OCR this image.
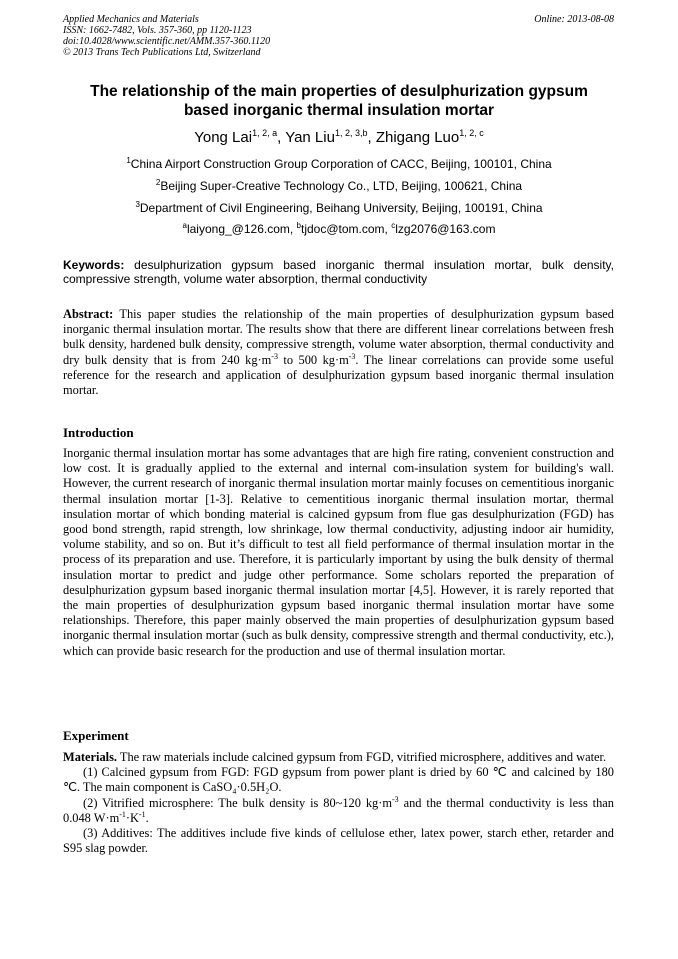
Applied Mechanics and Materials
ISSN: 1662-7482, Vols. 357-360, pp 1120-1123
doi:10.4028/www.scientific.net/AMM.357-360.1120
© 2013 Trans Tech Publications Ltd, Switzerland
Online: 2013-08-08
The relationship of the main properties of desulphurization gypsum
based inorganic thermal insulation mortar
Yong Lai$^{1, 2, a}$, Yan Liu$^{1, 2, 3,b}$, Zhigang Luo$^{1, 2, c}$
$^1$China Airport Construction Group Corporation of CACC, Beijing, 100101, China
$^2$Beijing Super-Creative Technology Co., LTD, Beijing, 100621, China
$^3$Department of Civil Engineering, Beihang University, Beijing, 100191, China
$^a$laiyong_@126.com, $^b$tjdoc@tom.com, $^c$lzg2076@163.com
Keywords: desulphurization gypsum based inorganic thermal insulation mortar, bulk density, compressive strength, volume water absorption, thermal conductivity
Abstract: This paper studies the relationship of the main properties of desulphurization gypsum based inorganic thermal insulation mortar. The results show that there are different linear correlations between fresh bulk density, hardened bulk density, compressive strength, volume water absorption, thermal conductivity and dry bulk density that is from 240 $kg\cdot m^{-3}$ to 500 $kg\cdot m^{-3}$. The linear correlations can provide some useful reference for the research and application of desulphurization gypsum based inorganic thermal insulation mortar.
Introduction
Inorganic thermal insulation mortar has some advantages that are high fire rating, convenient construction and low cost. It is gradually applied to the external and internal com-insulation system for building's wall. However, the current research of inorganic thermal insulation mortar mainly focuses on cementitious inorganic thermal insulation mortar [1-3]. Relative to cementitious inorganic thermal insulation mortar, thermal insulation mortar of which bonding material is calcined gypsum from flue gas desulphurization (FGD) has good bond strength, rapid strength, low shrinkage, low thermal conductivity, adjusting indoor air humidity, volume stability, and so on. But it’s difficult to test all field performance of thermal insulation mortar in the process of its preparation and use. Therefore, it is particularly important by using the bulk density of thermal insulation mortar to predict and judge other performance. Some scholars reported the preparation of desulphurization gypsum based inorganic thermal insulation mortar [4,5]. However, it is rarely reported that the main properties of desulphurization gypsum based inorganic thermal insulation mortar have some relationships. Therefore, this paper mainly observed the main properties of desulphurization gypsum based inorganic thermal insulation mortar (such as bulk density, compressive strength and thermal conductivity, etc.), which can provide basic research for the production and use of thermal insulation mortar.
Experiment

Materials. The raw materials include calcined gypsum from FGD, vitrified microsphere, additives and water.

(1) Calcined gypsum from FGD: FGD gypsum from power plant is dried by 60 ℃ and calcined by 180 ℃. The main component is CaSO₄·0.5H₂O.

(2) Vitrified microsphere: The bulk density is 80~120 $kg\cdot m^{-3}$ and the thermal conductivity is less than 0.048 $W\cdot m^{-1}\cdot K^{-1}$.

(3) Additives: The additives include five kinds of cellulose ether, latex power, starch ether, retarder and S95 slag powder.
